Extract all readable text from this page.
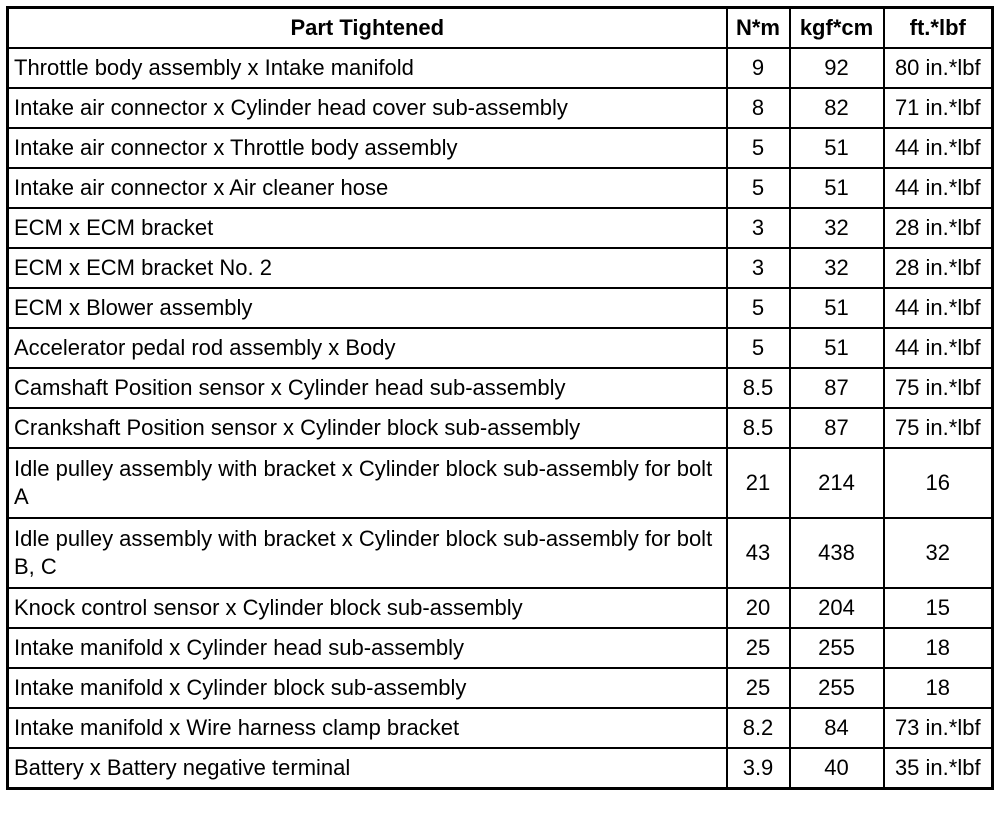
Part Tightened	N*m	kgf*cm	ft.*lbf
Throttle body assembly x Intake manifold	9	92	80 in.*lbf
Intake air connector x Cylinder head cover sub-assembly	8	82	71 in.*lbf
Intake air connector x Throttle body assembly	5	51	44 in.*lbf
Intake air connector x Air cleaner hose	5	51	44 in.*lbf
ECM x ECM bracket	3	32	28 in.*lbf
ECM x ECM bracket No. 2	3	32	28 in.*lbf
ECM x Blower assembly	5	51	44 in.*lbf
Accelerator pedal rod assembly x Body	5	51	44 in.*lbf
Camshaft Position sensor x Cylinder head sub-assembly	8.5	87	75 in.*lbf
Crankshaft Position sensor x Cylinder block sub-assembly	8.5	87	75 in.*lbf
Idle pulley assembly with bracket x Cylinder block sub-assembly for bolt A	21	214	16
Idle pulley assembly with bracket x Cylinder block sub-assembly for bolt B, C	43	438	32
Knock control sensor x Cylinder block sub-assembly	20	204	15
Intake manifold x Cylinder head sub-assembly	25	255	18
Intake manifold x Cylinder block sub-assembly	25	255	18
Intake manifold x Wire harness clamp bracket	8.2	84	73 in.*lbf
Battery x Battery negative terminal	3.9	40	35 in.*lbf
